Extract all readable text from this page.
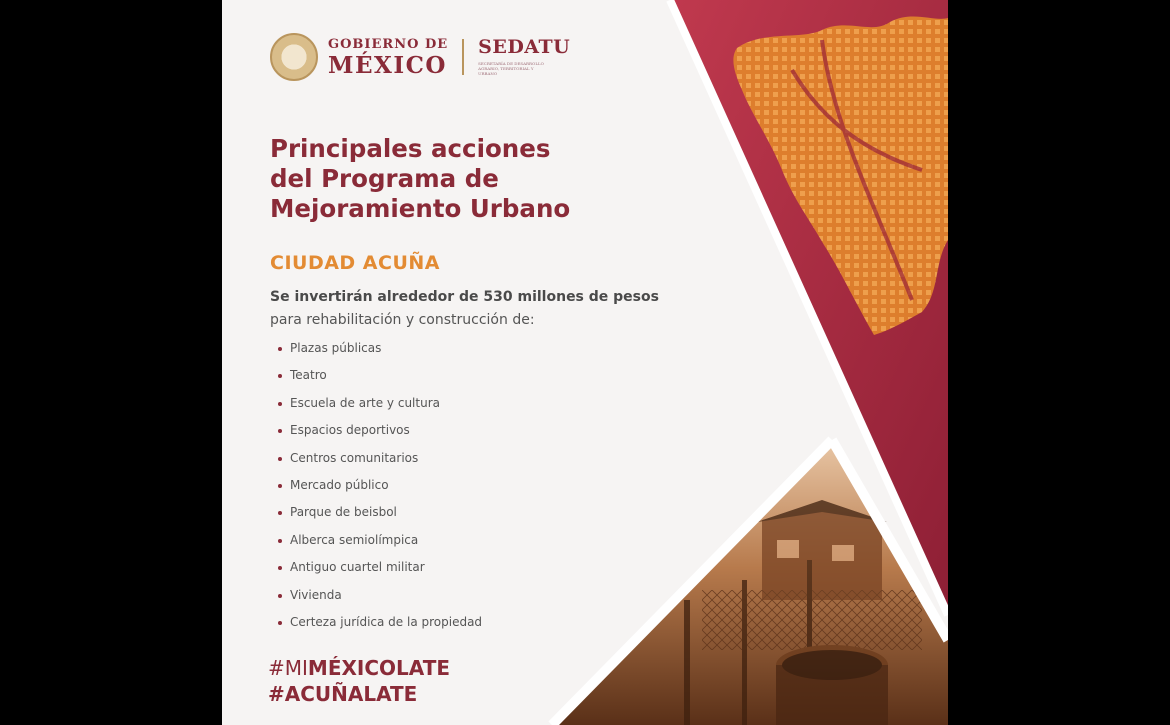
GOBIERNO DE
MÉXICO
SEDATU
SECRETARÍA DE DESARROLLO AGRARIO, TERRITORIAL Y URBANO
Principales acciones
del Programa de
Mejoramiento Urbano
CIUDAD ACUÑA
Se invertirán alrededor de 530 millones de pesos
para rehabilitación y construcción de:
Plazas públicas
Teatro
Escuela de arte y cultura
Espacios deportivos
Centros comunitarios
Mercado público
Parque de beisbol
Alberca semiolímpica
Antiguo cuartel militar
Vivienda
Certeza jurídica de la propiedad
#MIMÉXICOLATE
#ACUÑALATE
